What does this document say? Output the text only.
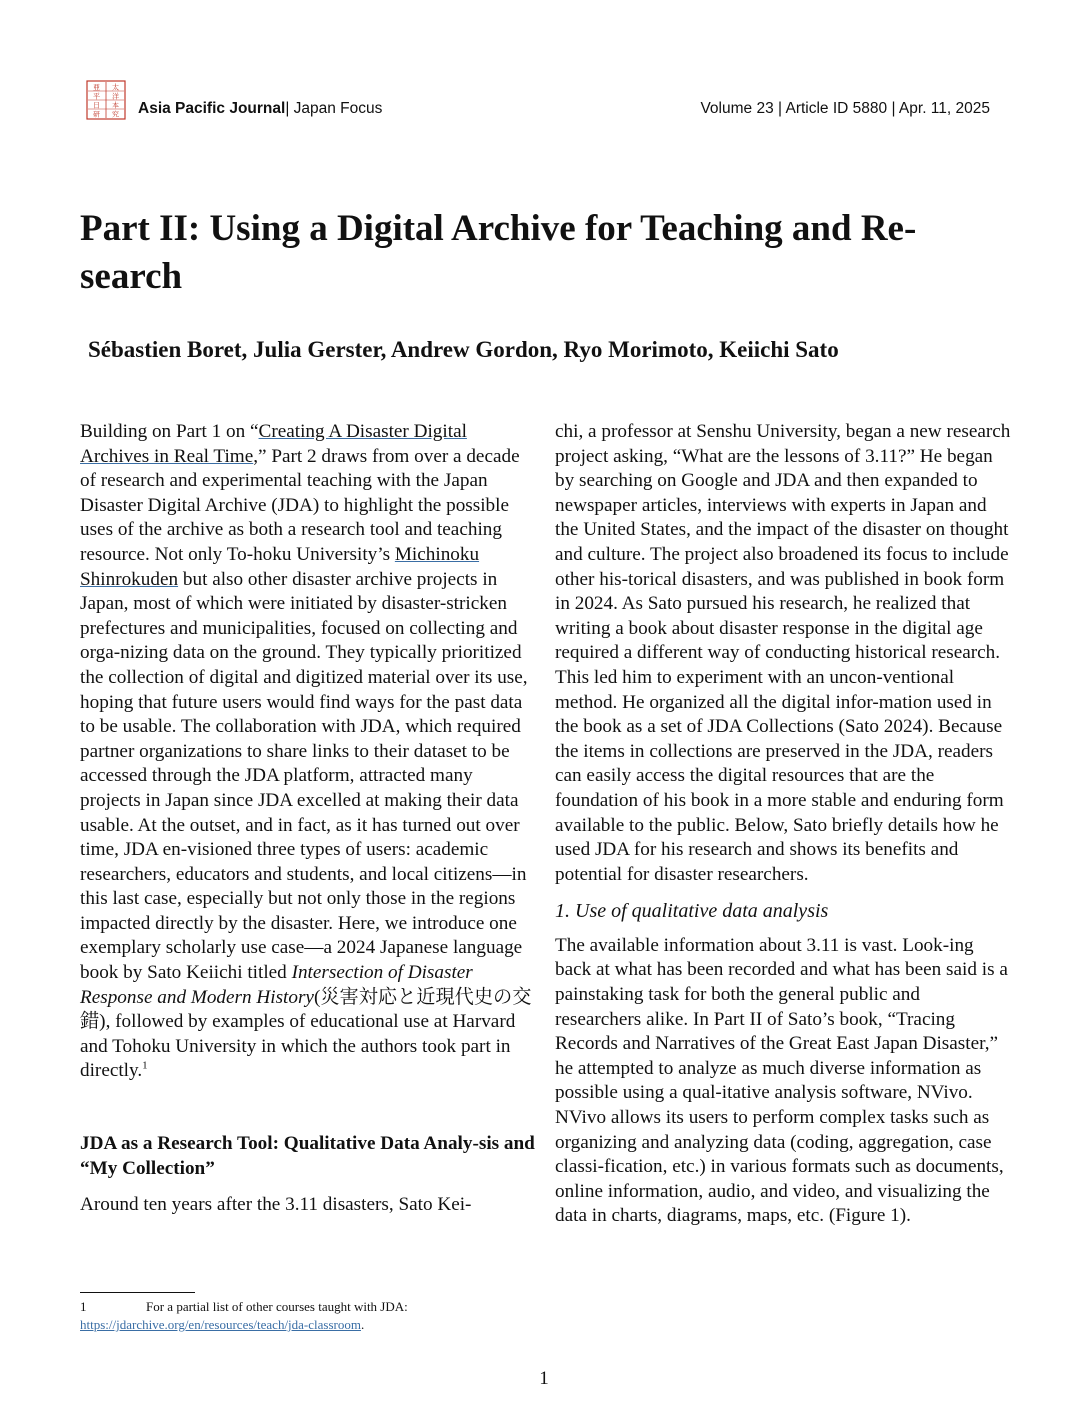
亜 太
平 洋
日 本
研 究 Asia Pacific Journal| Japan Focus	Volume 23 | Article ID 5880 | Apr. 11, 2025
Part II: Using a Digital Archive for Teaching and Re-search

Sébastien Boret, Julia Gerster, Andrew Gordon, Ryo Morimoto, Keiichi Sato

Building on Part 1 on “Creating A Disaster Digital Archives in Real Time,” Part 2 draws from over a decade of research and experimental teaching with the Japan Disaster Digital Archive (JDA) to highlight the possible uses of the archive as both a research tool and teaching resource. Not only To-hoku University’s Michinoku Shinrokuden but also other disaster archive projects in Japan, most of which were initiated by disaster-stricken prefectures and municipalities, focused on collecting and orga-nizing data on the ground. They typically prioritized the collection of digital and digitized material over its use, hoping that future users would find ways for the past data to be usable. The collaboration with JDA, which required partner organizations to share links to their dataset to be accessed through the JDA platform, attracted many projects in Japan since JDA excelled at making their data usable. At the outset, and in fact, as it has turned out over time, JDA en-visioned three types of users: academic researchers, educators and students, and local citizens—in this last case, especially but not only those in the regions impacted directly by the disaster. Here, we introduce one exemplary scholarly use case—a 2024 Japanese language book by Sato Keiichi titled Intersection of Disaster Response and Modern History(災害対応と近現代史の交錯), followed by examples of educational use at Harvard and Tohoku University in which the authors took part in directly.$^1$

JDA as a Research Tool: Qualitative Data Analy-sis and “My Collection”

Around ten years after the 3.11 disasters, Sato Kei-

chi, a professor at Senshu University, began a new research project asking, “What are the lessons of 3.11?” He began by searching on Google and JDA and then expanded to newspaper articles, interviews with experts in Japan and the United States, and the impact of the disaster on thought and culture. The project also broadened its focus to include other his-torical disasters, and was published in book form in 2024. As Sato pursued his research, he realized that writing a book about disaster response in the digital age required a different way of conducting historical research. This led him to experiment with an uncon-ventional method. He organized all the digital infor-mation used in the book as a set of JDA Collections (Sato 2024). Because the items in collections are preserved in the JDA, readers can easily access the digital resources that are the foundation of his book in a more stable and enduring form available to the public. Below, Sato briefly details how he used JDA for his research and shows its benefits and potential for disaster researchers.

1. Use of qualitative data analysis

The available information about 3.11 is vast. Look-ing back at what has been recorded and what has been said is a painstaking task for both the general public and researchers alike. In Part II of Sato’s book, “Tracing Records and Narratives of the Great East Japan Disaster,” he attempted to analyze as much diverse information as possible using a qual-itative analysis software, NVivo. NVivo allows its users to perform complex tasks such as organizing and analyzing data (coding, aggregation, case classi-fication, etc.) in various formats such as documents, online information, audio, and video, and visualizing the data in charts, diagrams, maps, etc. (Figure 1).

1	For a partial list of other courses taught with JDA: https://jdarchive.org/en/resources/teach/jda-classroom.
1
